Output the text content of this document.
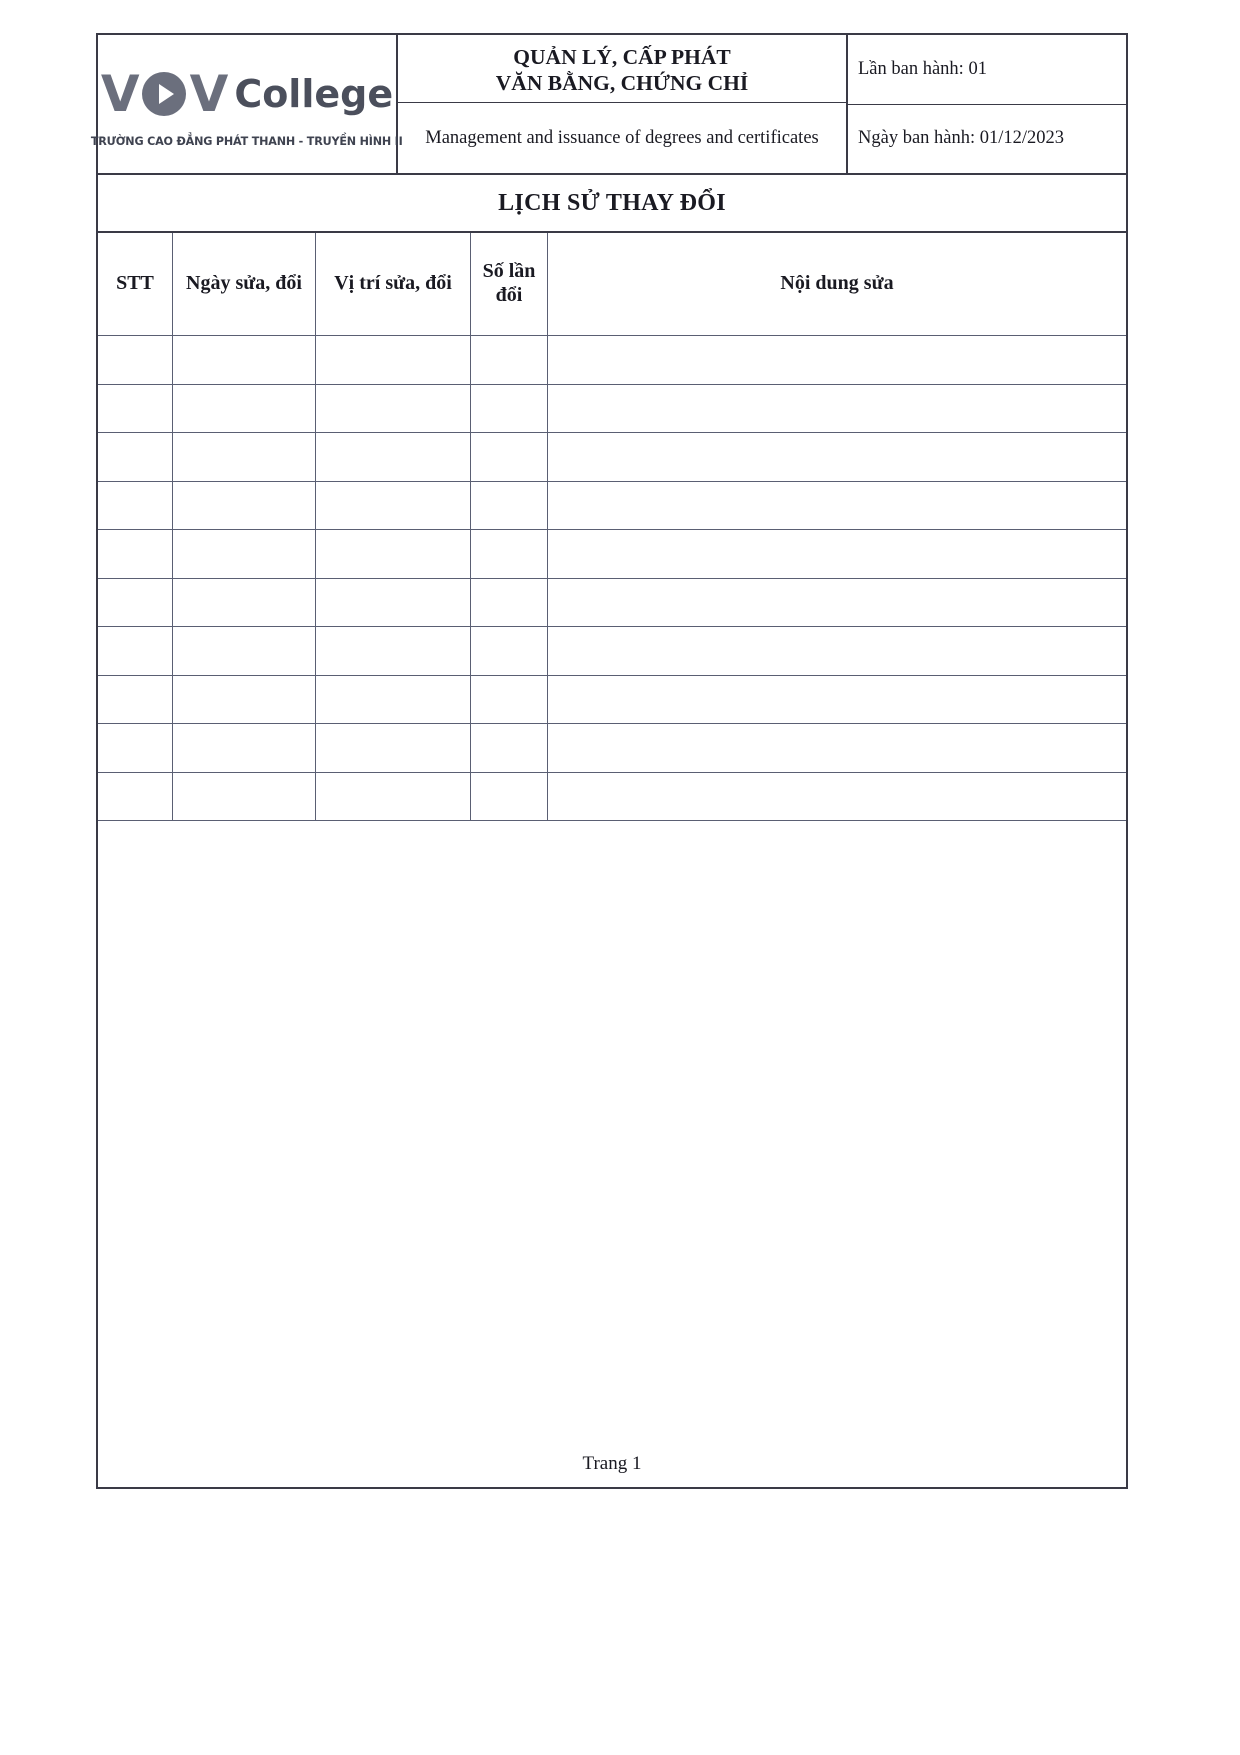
V V College
TRƯỜNG CAO ĐẲNG PHÁT THANH - TRUYỀN HÌNH II
QUẢN LÝ, CẤP PHÁT
VĂN BẰNG, CHỨNG CHỈ
Management and issuance of degrees and certificates
Lần ban hành: 01
Ngày ban hành: 01/12/2023
LỊCH SỬ THAY ĐỔI
STT	Ngày sửa, đổi	Vị trí sửa, đổi	Số lần đổi	Nội dung sửa

Trang 1
